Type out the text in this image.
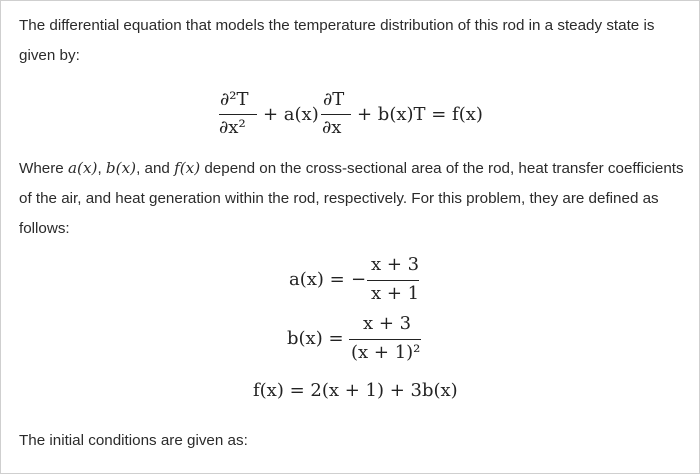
The differential equation that models the temperature distribution of this rod in a steady state is given by:

∂²T
∂x²
+ a(x)
∂T
∂x
+ b(x)T = f(x)

Where a(x), b(x), and f(x) depend on the cross-sectional area of the rod, heat transfer coefficients of the air, and heat generation within the rod, respectively. For this problem, they are defined as follows:

a(x) = −
x + 3
x + 1
b(x) =
x + 3
(x + 1)²
f(x) = 2(x + 1) + 3b(x)

The initial conditions are given as:
